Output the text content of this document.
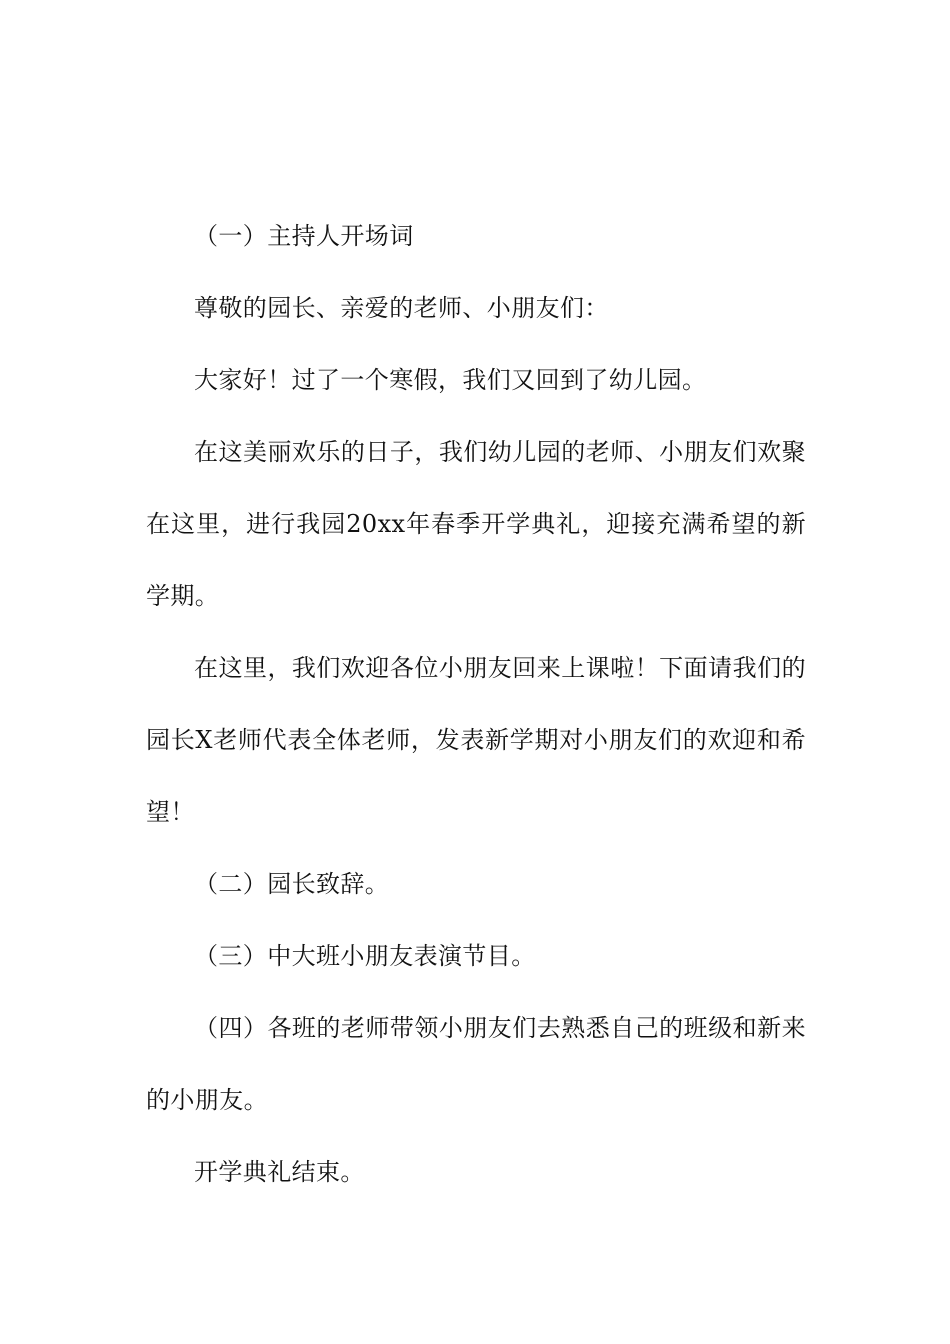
（一）主持人开场词

尊敬的园长、亲爱的老师、小朋友们：

大家好！过了一个寒假，我们又回到了幼儿园。

在这美丽欢乐的日子，我们幼儿园的老师、小朋友们欢聚在这里，进行我园20xx年春季开学典礼，迎接充满希望的新学期。

在这里，我们欢迎各位小朋友回来上课啦！下面请我们的园长X老师代表全体老师，发表新学期对小朋友们的欢迎和希望！

（二）园长致辞。

（三）中大班小朋友表演节目。

（四）各班的老师带领小朋友们去熟悉自己的班级和新来的小朋友。

开学典礼结束。
